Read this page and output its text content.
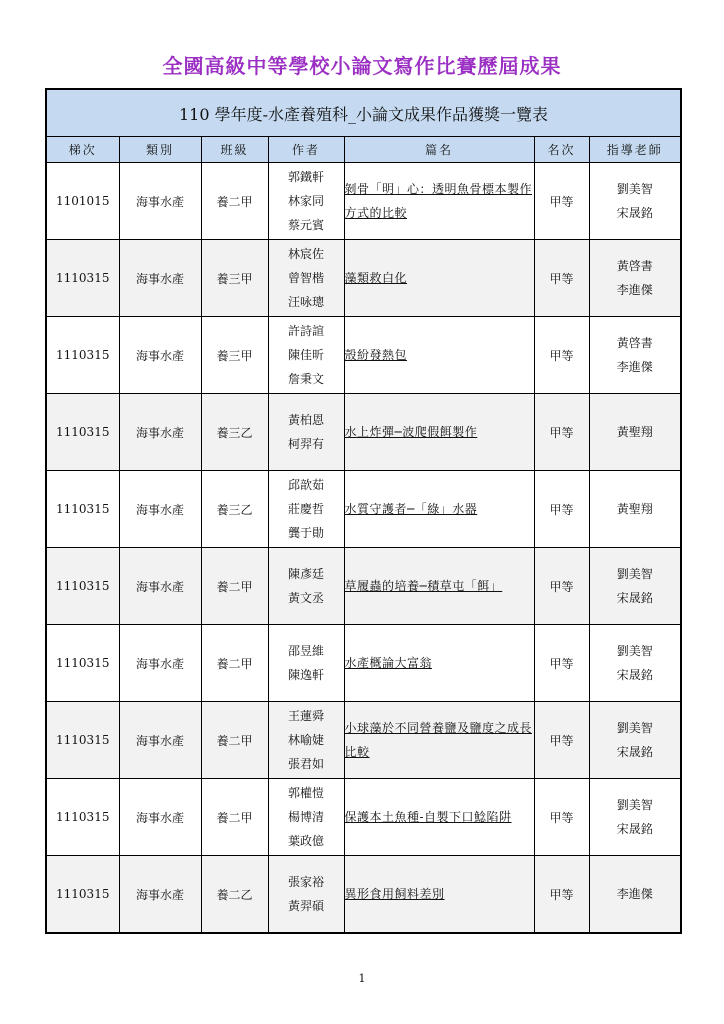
全國高級中等學校小論文寫作比賽歷屆成果
110 學年度-水產養殖科_小論文成果作品獲獎一覽表						
梯次	類別	班級	作者	篇名	名次	指導老師
1101015	海事水產	養二甲	郭鐵軒
林家同
蔡元賓	剝骨「明」心：透明魚骨標本製作方式的比較	甲等	劉美智
宋晟銘

1110315	海事水產	養三甲	林宸佐
曾智楷
汪咏璁	藻類救白化	甲等	黃啓書
李進傑

1110315	海事水產	養三甲	許詩諠
陳佳昕
詹秉文	殼紛發熱包	甲等	黃啓書
李進傑

1110315	海事水產	養三乙	黃柏恩
柯羿有	水上炸彈─波爬假餌製作	甲等	黃聖翔

1110315	海事水產	養三乙	邱歆茹
莊慶哲
龔于勛	水質守護者─「綠」水器	甲等	黃聖翔

1110315	海事水產	養二甲	陳彥廷
黃文丞	草履蟲的培養─積草屯「餌」	甲等	劉美智
宋晟銘

1110315	海事水產	養二甲	邵昱維
陳逸軒	水產概論大富翁	甲等	劉美智
宋晟銘

1110315	海事水產	養二甲	王蓮舜
林喻婕
張君如	小球藻於不同營養鹽及鹽度之成長比較	甲等	劉美智
宋晟銘

1110315	海事水產	養二甲	郭權愷
楊博清
葉政億	保護本土魚種-自製下口鯰陷阱	甲等	劉美智
宋晟銘

1110315	海事水產	養二乙	張家裕
黃羿碩	異形食用飼料差別	甲等	李進傑
1
